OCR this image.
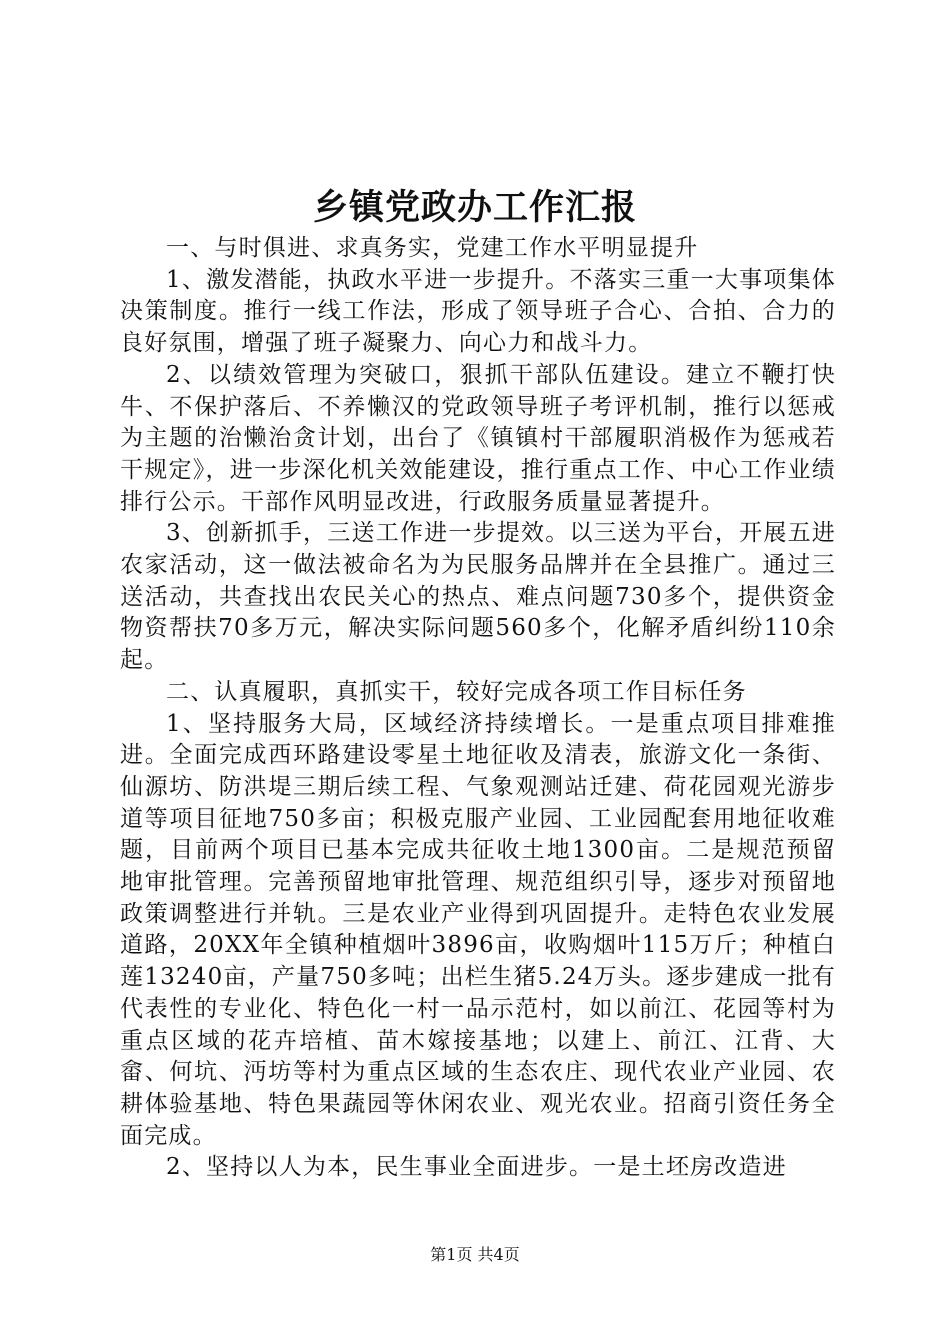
乡镇党政办工作汇报

一、与时俱进、求真务实，党建工作水平明显提升

1、激发潜能，执政水平进一步提升。不落实三重一大事项集体决策制度。推行一线工作法，形成了领导班子合心、合拍、合力的良好氛围，增强了班子凝聚力、向心力和战斗力。

2、以绩效管理为突破口，狠抓干部队伍建设。建立不鞭打快牛、不保护落后、不养懒汉的党政领导班子考评机制，推行以惩戒为主题的治懒治贪计划，出台了《镇镇村干部履职消极作为惩戒若干规定》，进一步深化机关效能建设，推行重点工作、中心工作业绩排行公示。干部作风明显改进，行政服务质量显著提升。

3、创新抓手，三送工作进一步提效。以三送为平台，开展五进农家活动，这一做法被命名为为民服务品牌并在全县推广。通过三送活动，共查找出农民关心的热点、难点问题730多个，提供资金物资帮扶70多万元，解决实际问题560多个，化解矛盾纠纷110余起。

二、认真履职，真抓实干，较好完成各项工作目标任务

1、坚持服务大局，区域经济持续增长。一是重点项目排难推进。全面完成西环路建设零星土地征收及清表，旅游文化一条街、仙源坊、防洪堤三期后续工程、气象观测站迁建、荷花园观光游步道等项目征地750多亩；积极克服产业园、工业园配套用地征收难题，目前两个项目已基本完成共征收土地1300亩。二是规范预留地审批管理。完善预留地审批管理、规范组织引导，逐步对预留地政策调整进行并轨。三是农业产业得到巩固提升。走特色农业发展道路，20XX年全镇种植烟叶3896亩，收购烟叶115万斤；种植白莲13240亩，产量750多吨；出栏生猪5.24万头。逐步建成一批有代表性的专业化、特色化一村一品示范村，如以前江、花园等村为重点区域的花卉培植、苗木嫁接基地；以建上、前江、江背、大畲、何坑、沔坊等村为重点区域的生态农庄、现代农业产业园、农耕体验基地、特色果蔬园等休闲农业、观光农业。招商引资任务全面完成。

2、坚持以人为本，民生事业全面进步。一是土坯房改造进

第1页 共4页
